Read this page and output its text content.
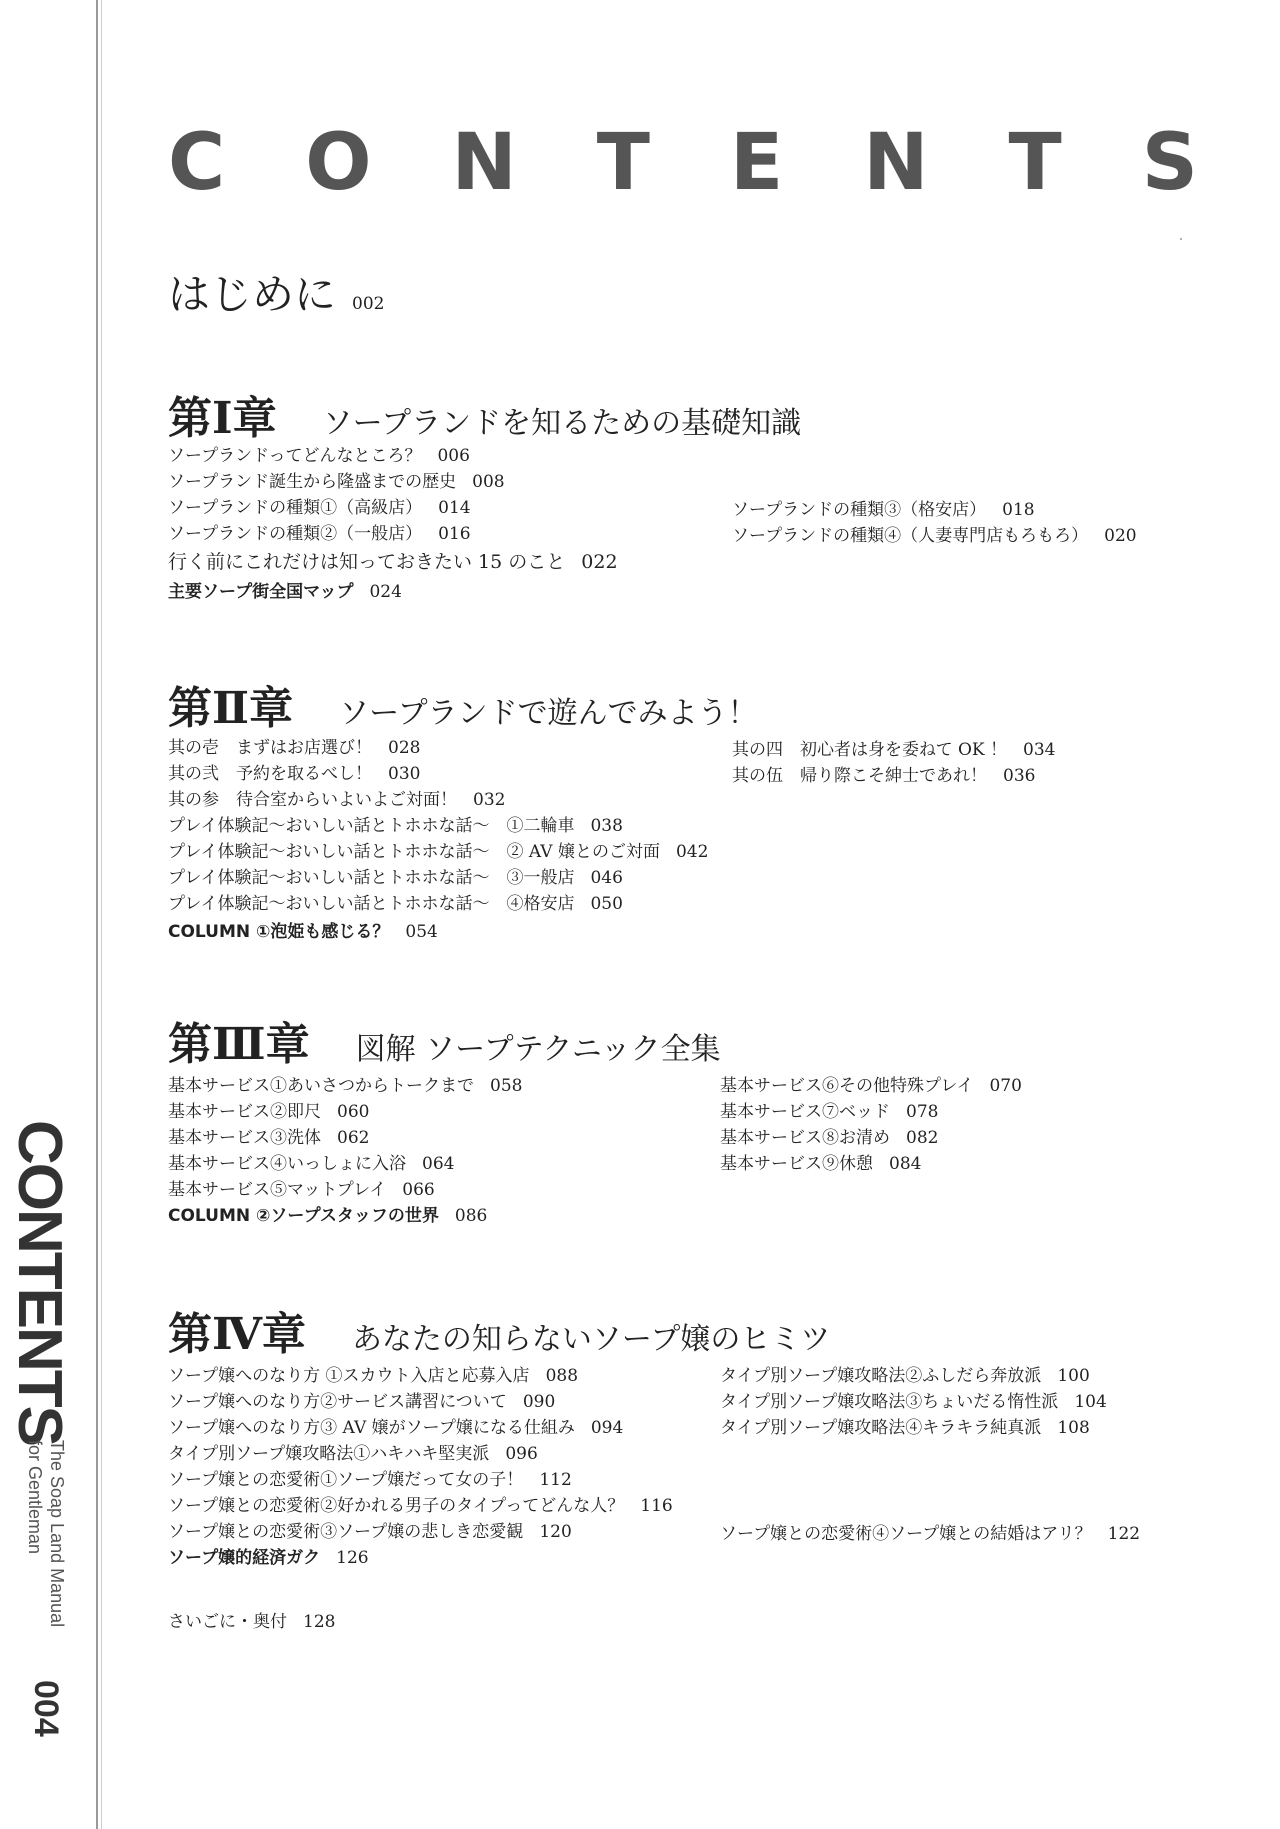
CONTENTS
The Soap Land Manual
for Gentleman
004
C O N T E N T S
はじめに 002
第Ⅰ章 ソープランドを知るための基礎知識
ソープランドってどんなところ？ 006
ソープランド誕生から隆盛までの歴史 008
ソープランドの種類①（高級店） 014
ソープランドの種類②（一般店） 016
行く前にこれだけは知っておきたい 15 のこと 022
主要ソープ街全国マップ 024
ソープランドの種類③（格安店） 018
ソープランドの種類④（人妻専門店もろもろ） 020
第Ⅱ章 ソープランドで遊んでみよう！
其の壱　まずはお店選び！ 028
其の弐　予約を取るべし！ 030
其の参　待合室からいよいよご対面！ 032
プレイ体験記〜おいしい話とトホホな話〜　①二輪車 038
プレイ体験記〜おいしい話とトホホな話〜　② AV 嬢とのご対面 042
プレイ体験記〜おいしい話とトホホな話〜　③一般店 046
プレイ体験記〜おいしい話とトホホな話〜　④格安店 050
COLUMN ①泡姫も感じる？ 054
其の四　初心者は身を委ねて OK ！ 034
其の伍　帰り際こそ紳士であれ！ 036
第Ⅲ章 図解 ソープテクニック全集
基本サービス①あいさつからトークまで 058
基本サービス②即尺 060
基本サービス③洗体 062
基本サービス④いっしょに入浴 064
基本サービス⑤マットプレイ 066
COLUMN ②ソープスタッフの世界 086
基本サービス⑥その他特殊プレイ 070
基本サービス⑦ベッド 078
基本サービス⑧お清め 082
基本サービス⑨休憩 084
第Ⅳ章 あなたの知らないソープ嬢のヒミツ
ソープ嬢へのなり方 ①スカウト入店と応募入店 088
ソープ嬢へのなり方②サービス講習について 090
ソープ嬢へのなり方③ AV 嬢がソープ嬢になる仕組み 094
タイプ別ソープ嬢攻略法①ハキハキ堅実派 096
ソープ嬢との恋愛術①ソープ嬢だって女の子！ 112
ソープ嬢との恋愛術②好かれる男子のタイプってどんな人？ 116
ソープ嬢との恋愛術③ソープ嬢の悲しき恋愛観 120
ソープ嬢的経済ガク 126
タイプ別ソープ嬢攻略法②ふしだら奔放派 100
タイプ別ソープ嬢攻略法③ちょいだる惰性派 104
タイプ別ソープ嬢攻略法④キラキラ純真派 108
ソープ嬢との恋愛術④ソープ嬢との結婚はアリ？ 122
さいごに・奥付 128
